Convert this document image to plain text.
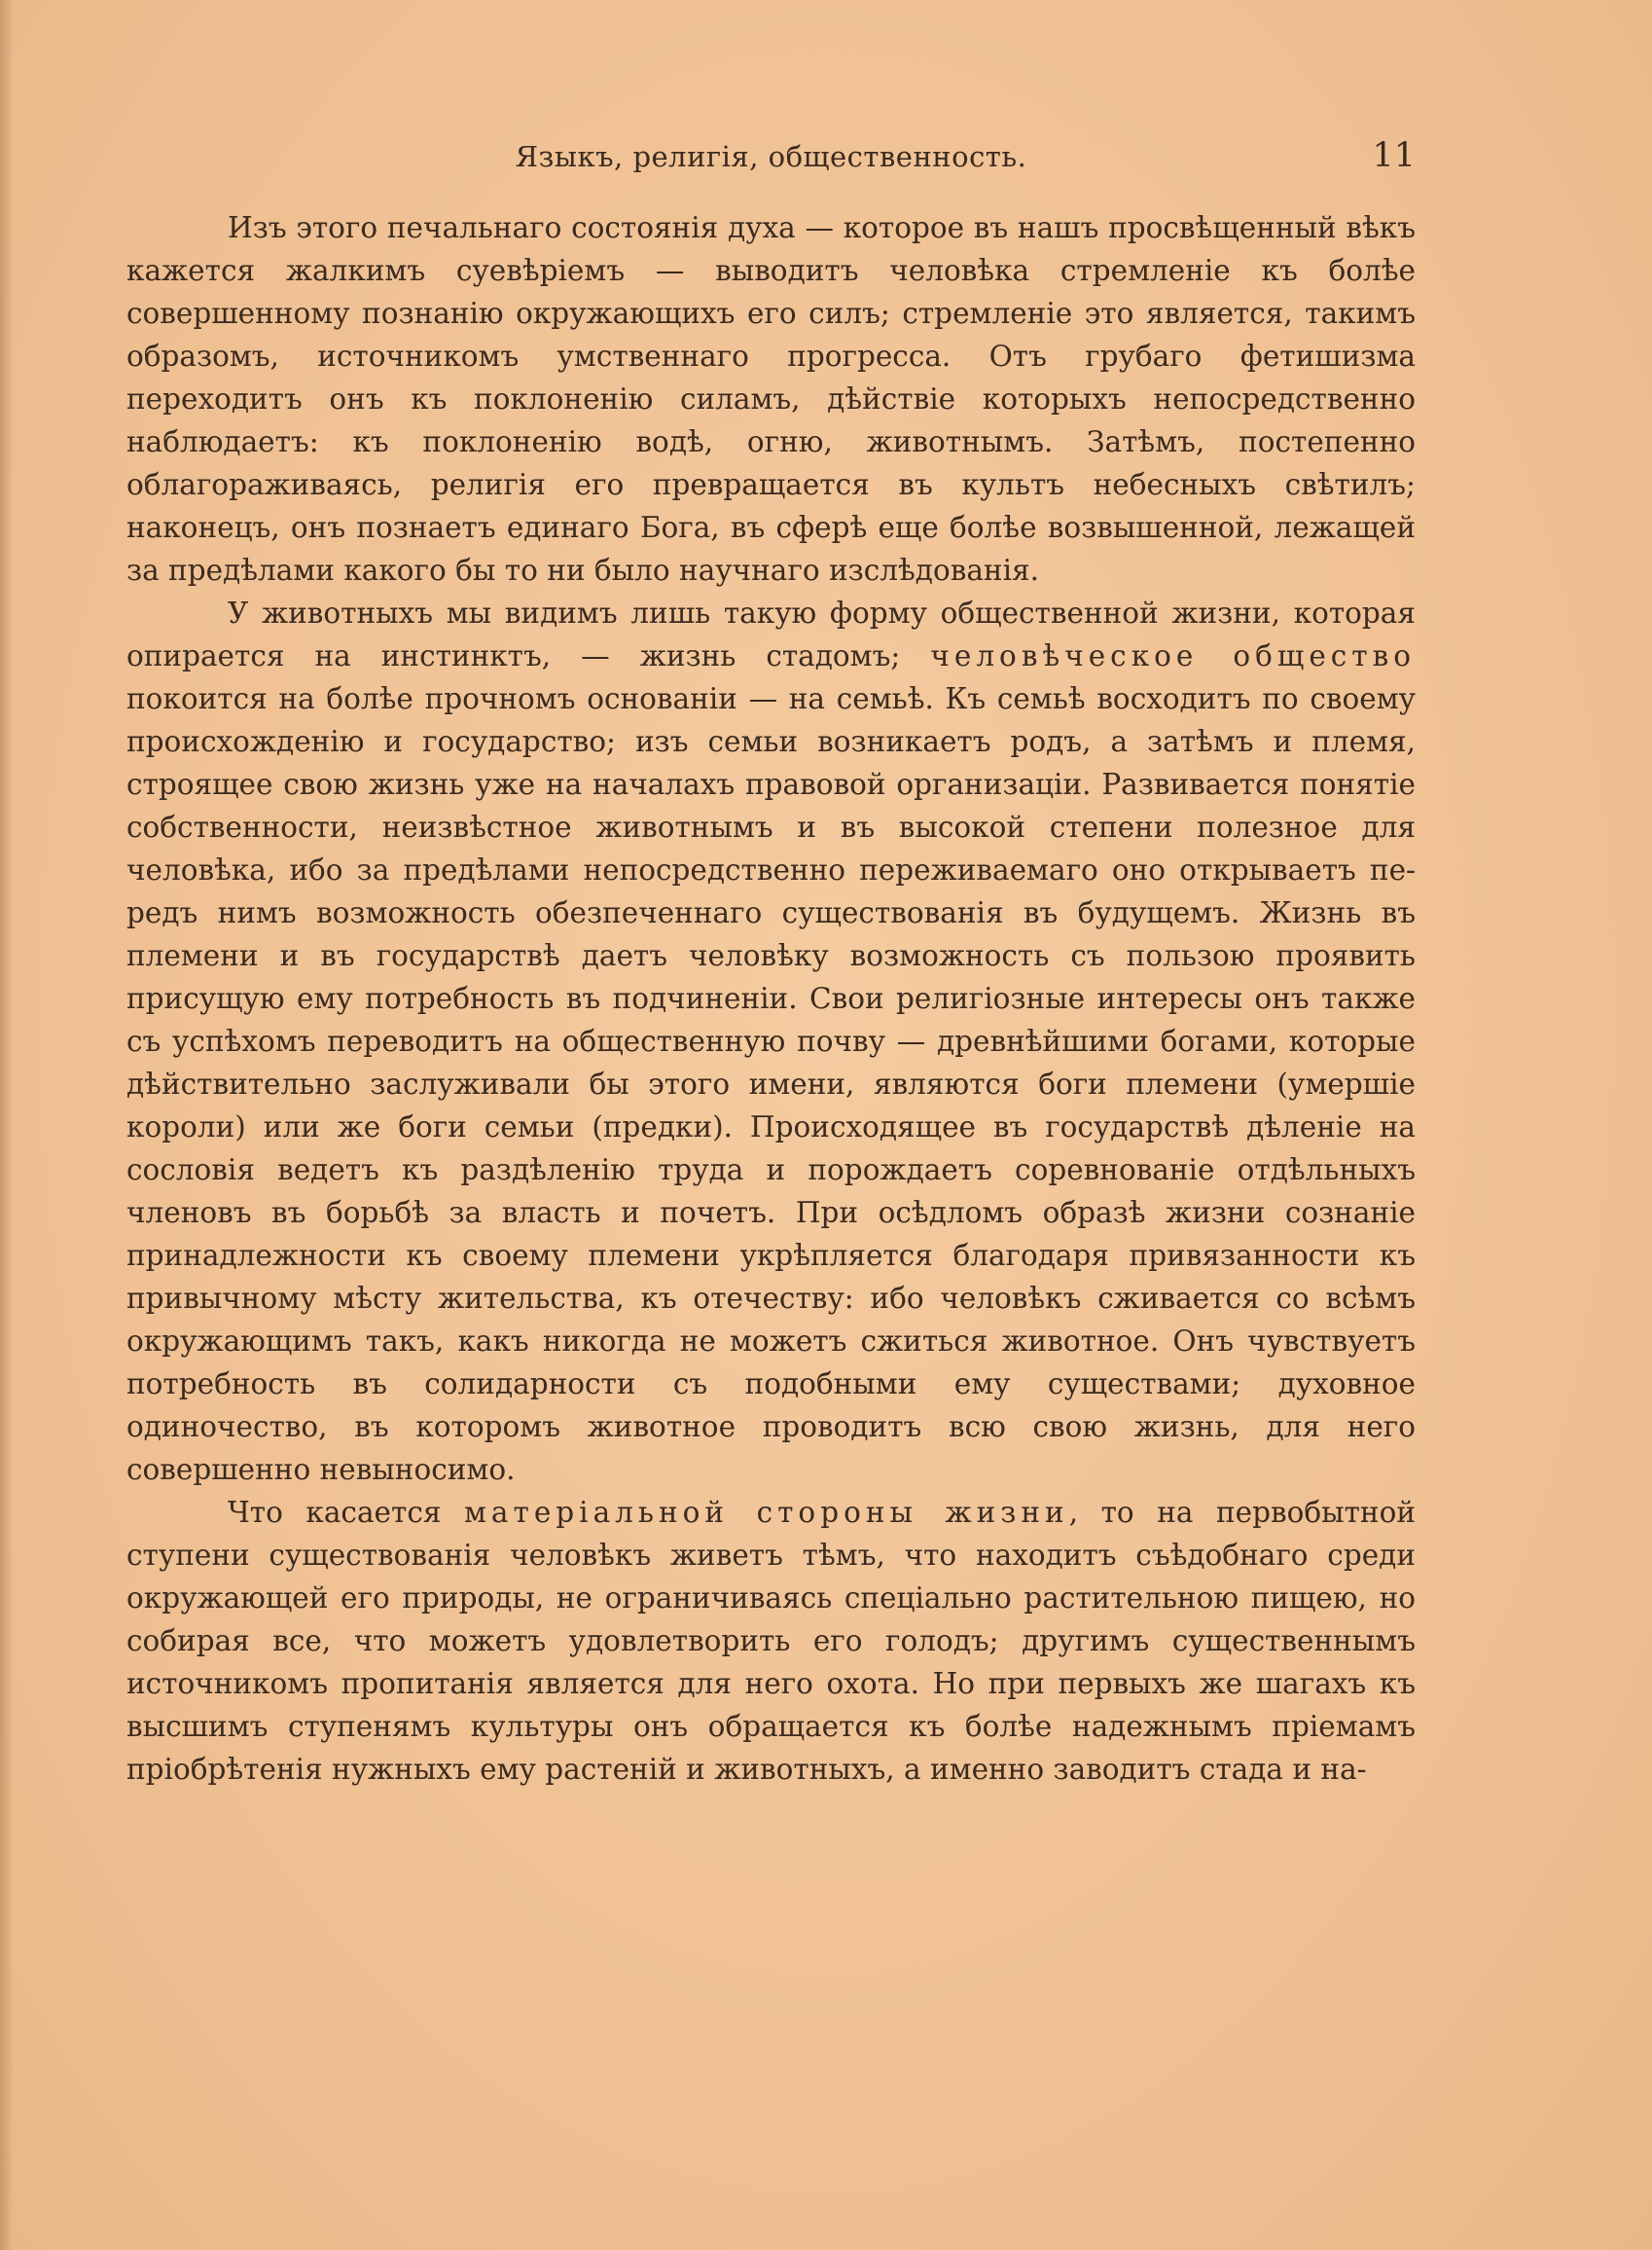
Языкъ, религія, общественность.	11

Изъ этого печальнаго состоянія духа — которое въ нашъ просвѣщенный вѣкъ кажется жалкимъ суевѣріемъ — выводитъ человѣка стремленіе къ болѣе совершенному познанію окружающихъ его силъ; стремленіе это является, такимъ образомъ, источникомъ умственнаго прогресса. Отъ грубаго фетишизма переходитъ онъ къ поклоненію силамъ, дѣйствіе которыхъ непосредственно наблюдаетъ: къ поклоненію водѣ, огню, животнымъ. Затѣмъ, постепенно облагораживаясь, религія его превращается въ культъ небесныхъ свѣтилъ; наконецъ, онъ познаетъ единаго Бога, въ сферѣ еще болѣе возвышенной, лежащей за предѣлами какого бы то ни было научнаго изслѣдованія.

У животныхъ мы видимъ лишь такую форму общественной жизни, которая опирается на инстинктъ, — жизнь стадомъ; человѣческое общество покоится на болѣе прочномъ основаніи — на семьѣ. Къ семьѣ восходитъ по своему происхожденію и государство; изъ семьи возникаетъ родъ, а затѣмъ и племя, строящее свою жизнь уже на началахъ правовой организаціи. Развивается понятіе собственности, неизвѣстное животнымъ и въ высокой степени полезное для человѣка, ибо за предѣлами непосредственно переживаемаго оно открываетъ передъ нимъ возможность обезпеченнаго существованія въ будущемъ. Жизнь въ племени и въ государствѣ даетъ человѣку возможность съ пользою проявить присущую ему потребность въ подчиненіи. Свои религіозные интересы онъ также съ успѣхомъ переводитъ на общественную почву — древнѣйшими богами, которые дѣйствительно заслуживали бы этого имени, являются боги племени (умершіе короли) или же боги семьи (предки). Происходящее въ государствѣ дѣленіе на сословія ведетъ къ раздѣленію труда и порождаетъ соревнованіе отдѣльныхъ членовъ въ борьбѣ за власть и почетъ. При осѣдломъ образѣ жизни сознаніе принадлежности къ своему племени укрѣпляется благодаря привязанности къ привычному мѣсту жительства, къ отечеству: ибо человѣкъ сживается со всѣмъ окружающимъ такъ, какъ никогда не можетъ сжиться животное. Онъ чувствуетъ потребность въ солидарности съ подобными ему существами; духовное одиночество, въ которомъ животное проводитъ всю свою жизнь, для него совершенно невыносимо.

Что касается матеріальной стороны жизни, то на первобытной ступени существованія человѣкъ живетъ тѣмъ, что находитъ съѣдобнаго среди окружающей его природы, не ограничиваясь спеціально растительною пищею, но собирая все, что можетъ удовлетворить его голодъ; другимъ существеннымъ источникомъ пропитанія является для него охота. Но при первыхъ же шагахъ къ высшимъ ступенямъ культуры онъ обращается къ болѣе надежнымъ пріемамъ пріобрѣтенія нужныхъ ему растеній и животныхъ, а именно заводитъ стада и на-
